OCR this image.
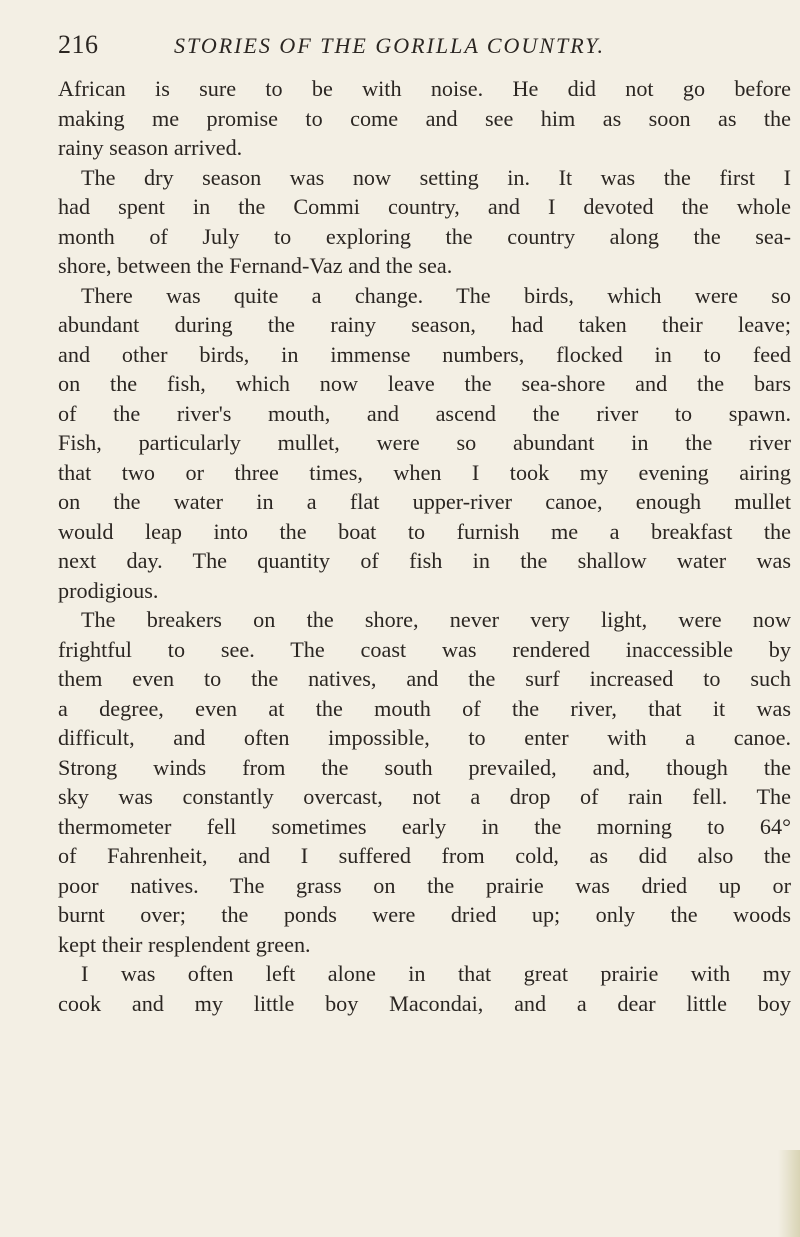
216	STORIES OF THE GORILLA COUNTRY.
African is sure to be with noise. He did not go before
making me promise to come and see him as soon as the
rainy season arrived.
The dry season was now setting in. It was the first I
had spent in the Commi country, and I devoted the whole
month of July to exploring the country along the sea-
shore, between the Fernand-Vaz and the sea.
There was quite a change. The birds, which were so
abundant during the rainy season, had taken their leave;
and other birds, in immense numbers, flocked in to feed
on the fish, which now leave the sea-shore and the bars
of the river's mouth, and ascend the river to spawn.
Fish, particularly mullet, were so abundant in the river
that two or three times, when I took my evening airing
on the water in a flat upper-river canoe, enough mullet
would leap into the boat to furnish me a breakfast the
next day. The quantity of fish in the shallow water was
prodigious.
The breakers on the shore, never very light, were now
frightful to see. The coast was rendered inaccessible by
them even to the natives, and the surf increased to such
a degree, even at the mouth of the river, that it was
difficult, and often impossible, to enter with a canoe.
Strong winds from the south prevailed, and, though the
sky was constantly overcast, not a drop of rain fell. The
thermometer fell sometimes early in the morning to 64°
of Fahrenheit, and I suffered from cold, as did also the
poor natives. The grass on the prairie was dried up or
burnt over; the ponds were dried up; only the woods
kept their resplendent green.
I was often left alone in that great prairie with my
cook and my little boy Macondai, and a dear little boy
